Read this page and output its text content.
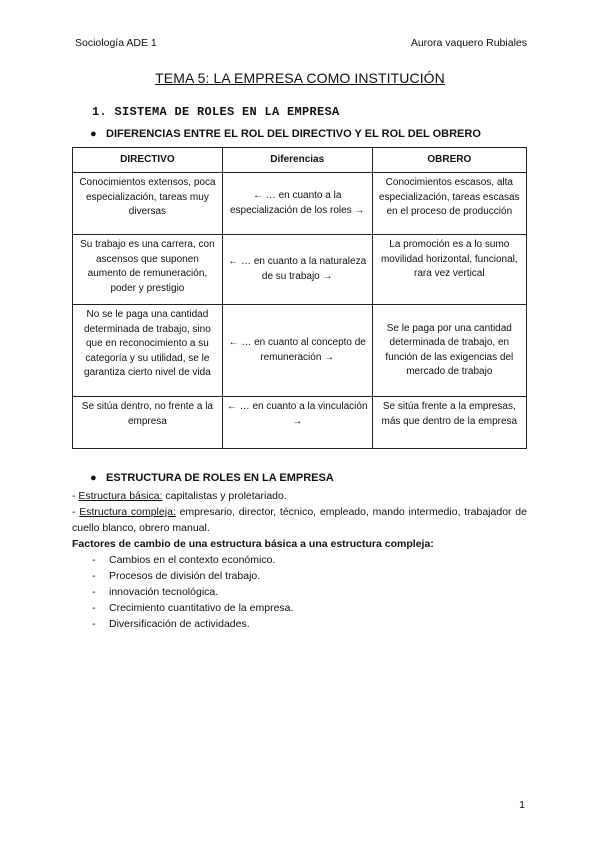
Sociología ADE 1	Aurora vaquero Rubiales
TEMA 5: LA EMPRESA COMO INSTITUCIÓN
1. SISTEMA DE ROLES EN LA EMPRESA
● DIFERENCIAS ENTRE EL ROL DEL DIRECTIVO Y EL ROL DEL OBRERO
DIRECTIVO	Diferencias	OBRERO
Conocimientos extensos, poca especialización, tareas muy diversas	← … en cuanto a la especialización de los roles →	Conocimientos escasos, alta especialización, tareas escasas en el proceso de producción
Su trabajo es una carrera, con ascensos que suponen aumento de remuneración, poder y prestigio	← … en cuanto a la naturaleza de su trabajo →	La promoción es a lo sumo movilidad horizontal, funcional, rara vez vertical
No se le paga una cantidad determinada de trabajo, sino que en reconocimiento a su categoría y su utilidad, se le garantiza cierto nivel de vida	← … en cuanto al concepto de remuneración →	Se le paga por una cantidad determinada de trabajo, en función de las exigencias del mercado de trabajo
Se sitúa dentro, no frente a la empresa	← … en cuanto a la vinculación →	Se sitúa frente a la empresas, más que dentro de la empresa
● ESTRUCTURA DE ROLES EN LA EMPRESA
- Estructura básica: capitalistas y proletariado.
- Estructura compleja: empresario, director, técnico, empleado, mando intermedio, trabajador de cuello blanco, obrero manual.
Factores de cambio de una estructura básica a una estructura compleja:
- Cambios en el contexto económico.
- Procesos de división del trabajo.
- innovación tecnológica.
- Crecimiento cuantitativo de la empresa.
- Diversificación de actividades.
1
